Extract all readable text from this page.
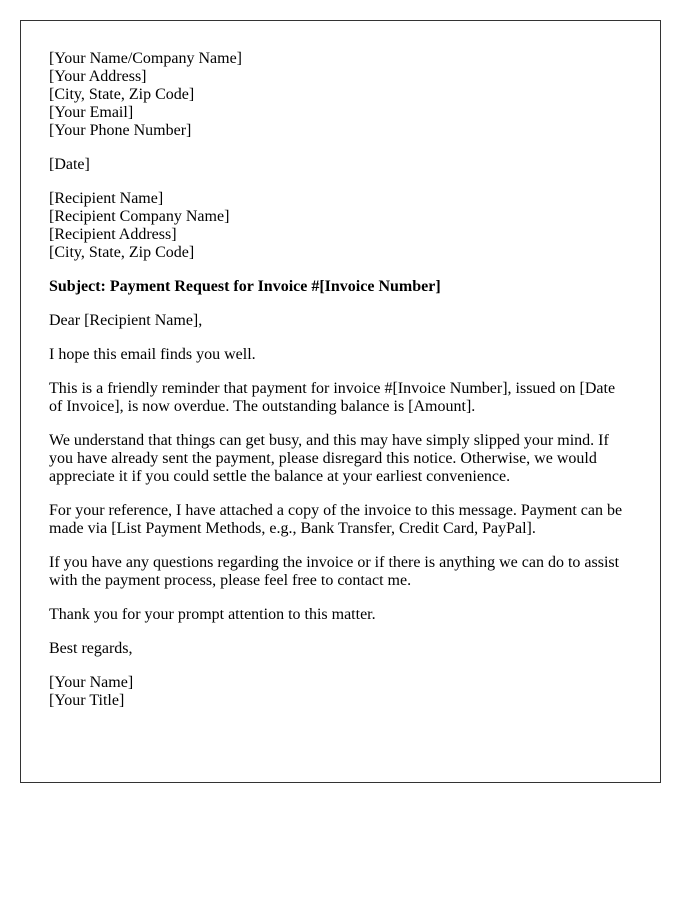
[Your Name/Company Name]
[Your Address]
[City, State, Zip Code]
[Your Email]
[Your Phone Number]
[Date]
[Recipient Name]
[Recipient Company Name]
[Recipient Address]
[City, State, Zip Code]
Subject: Payment Request for Invoice #[Invoice Number]
Dear [Recipient Name],

I hope this email finds you well.

This is a friendly reminder that payment for invoice #[Invoice Number], issued on [Date of Invoice], is now overdue. The outstanding balance is [Amount].

We understand that things can get busy, and this may have simply slipped your mind. If you have already sent the payment, please disregard this notice. Otherwise, we would appreciate it if you could settle the balance at your earliest convenience.

For your reference, I have attached a copy of the invoice to this message. Payment can be made via [List Payment Methods, e.g., Bank Transfer, Credit Card, PayPal].

If you have any questions regarding the invoice or if there is anything we can do to assist with the payment process, please feel free to contact me.

Thank you for your prompt attention to this matter.

Best regards,
[Your Name]
[Your Title]
